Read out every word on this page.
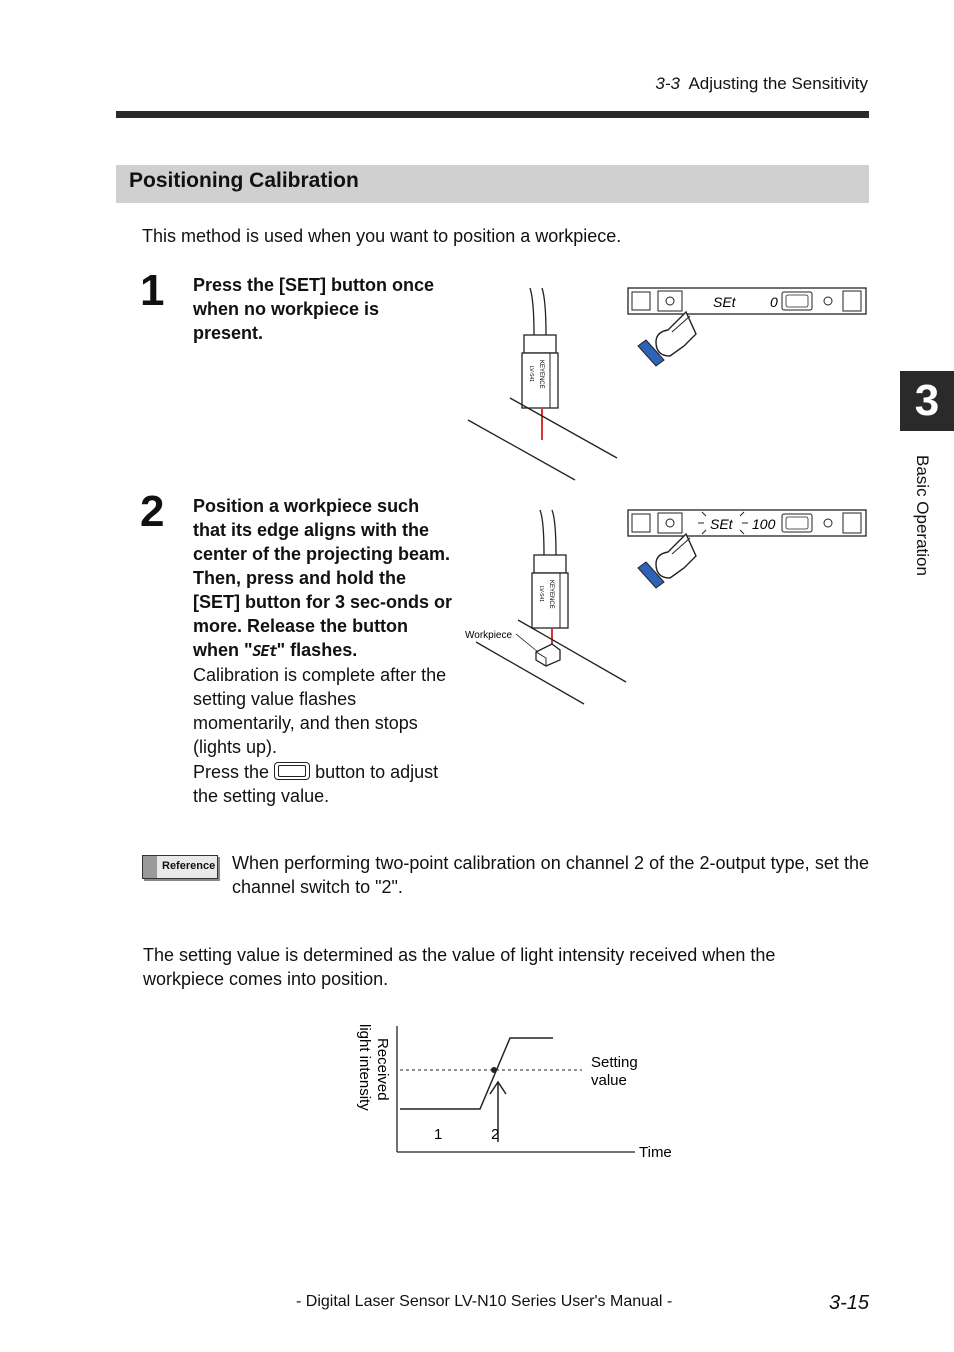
3-3 Adjusting the Sensitivity
Positioning Calibration
This method is used when you want to position a workpiece.
1 Press the [SET] button once when no workpiece is present.
2 Position a workpiece such that its edge aligns with the center of the projecting beam. Then, press and hold the [SET] button for 3 sec-onds or more. Release the button when "SEt" flashes.
Calibration is complete after the setting value flashes momentarily, and then stops (lights up).
Press the	button to adjust the setting value.
KEYENCE
LV-S41
SEt 0
KEYENCE
LV-S41
Workpiece
SEt 100
Reference When performing two-point calibration on channel 2 of the 2-output type, set the channel switch to "2".
The setting value is determined as the value of light intensity received when the workpiece comes into position.
Received
light intensity
1	2
Setting
value
Time
3
Basic Operation
- Digital Laser Sensor LV-N10 Series User's Manual -	3-15
